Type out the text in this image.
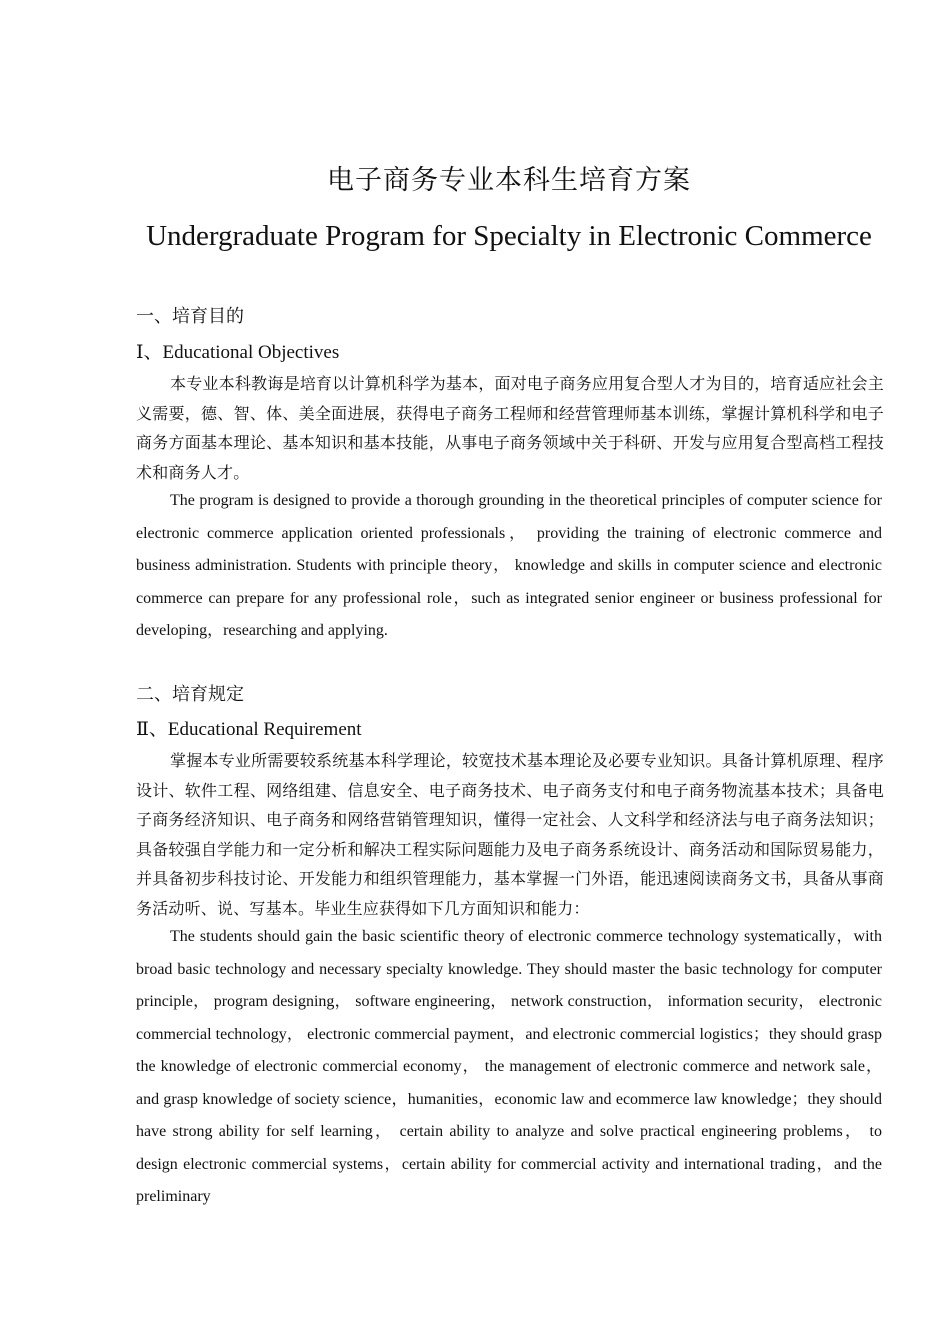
电子商务专业本科生培育方案
Undergraduate Program for Specialty in Electronic Commerce
一、培育目的
Ⅰ、Educational Objectives
本专业本科教诲是培育以计算机科学为基本，面对电子商务应用复合型人才为目的，培育适应社会主义需要，德、智、体、美全面进展，获得电子商务工程师和经营管理师基本训练，掌握计算机科学和电子商务方面基本理论、基本知识和基本技能，从事电子商务领域中关于科研、开发与应用复合型高档工程技术和商务人才。
The program is designed to provide a thorough grounding in the theoretical principles of computer science for electronic commerce application oriented professionals， providing the training of electronic commerce and business administration. Students with principle theory， knowledge and skills in computer science and electronic commerce can prepare for any professional role，such as integrated senior engineer or business professional for developing，researching and applying.
二、培育规定
Ⅱ、Educational Requirement
掌握本专业所需要较系统基本科学理论，较宽技术基本理论及必要专业知识。具备计算机原理、程序设计、软件工程、网络组建、信息安全、电子商务技术、电子商务支付和电子商务物流基本技术；具备电子商务经济知识、电子商务和网络营销管理知识，懂得一定社会、人文科学和经济法与电子商务法知识；具备较强自学能力和一定分析和解决工程实际问题能力及电子商务系统设计、商务活动和国际贸易能力，并具备初步科技讨论、开发能力和组织管理能力，基本掌握一门外语，能迅速阅读商务文书，具备从事商务活动听、说、写基本。毕业生应获得如下几方面知识和能力：
The students should gain the basic scientific theory of electronic commerce technology systematically，with broad basic technology and necessary specialty knowledge. They should master the basic technology for computer principle， program designing， software engineering， network construction， information security， electronic commercial technology， electronic commercial payment，and electronic commercial logistics；they should grasp the knowledge of electronic commercial economy， the management of electronic commerce and network sale， and grasp knowledge of society science，humanities，economic law and ecommerce law knowledge；they should have strong ability for self learning， certain ability to analyze and solve practical engineering problems， to design electronic commercial systems，certain ability for commercial activity and international trading，and the preliminary
